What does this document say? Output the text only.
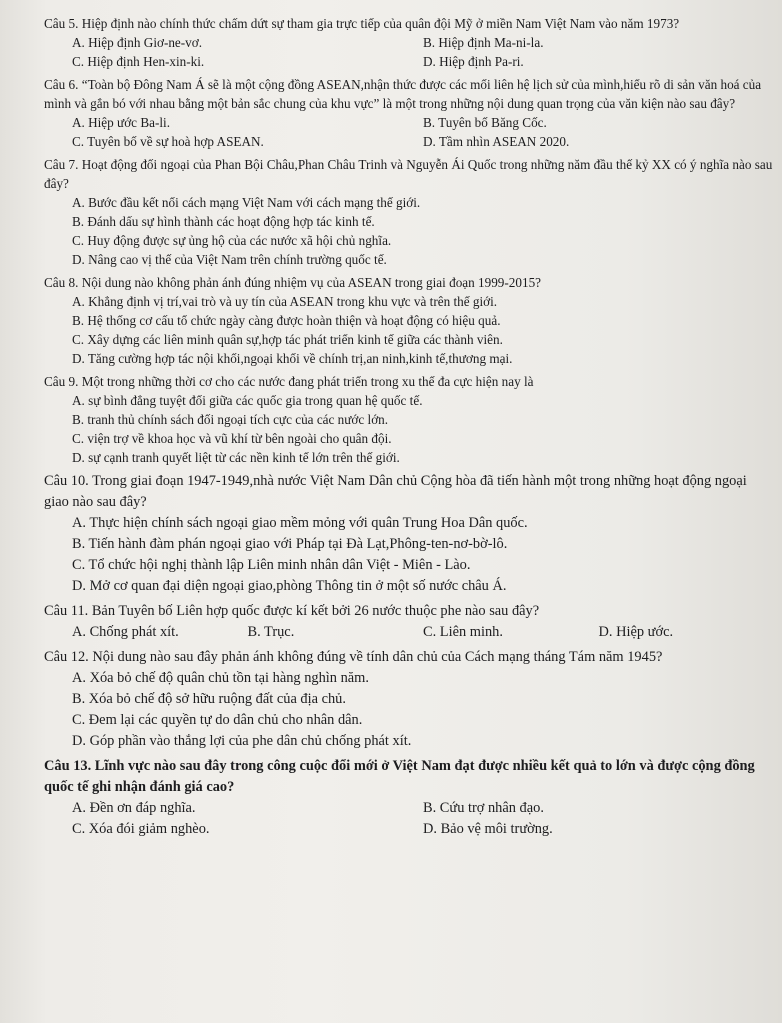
Câu 5. Hiệp định nào chính thức chấm dứt sự tham gia trực tiếp của quân đội Mỹ ở miền Nam Việt Nam vào năm 1973?

A. Hiệp định Giơ-ne-vơ.	B. Hiệp định Ma-ni-la.

C. Hiệp định Hen-xin-ki.	D. Hiệp định Pa-ri.

Câu 6. “Toàn bộ Đông Nam Á sẽ là một cộng đồng ASEAN,nhận thức được các mối liên hệ lịch sử của mình,hiểu rõ di sản văn hoá của mình và gắn bó với nhau bằng một bản sắc chung của khu vực” là một trong những nội dung quan trọng của văn kiện nào sau đây?

A. Hiệp ước Ba-li.	B. Tuyên bố Băng Cốc.

C. Tuyên bố về sự hoà hợp ASEAN.	D. Tầm nhìn ASEAN 2020.

Câu 7. Hoạt động đối ngoại của Phan Bội Châu,Phan Châu Trinh và Nguyễn Ái Quốc trong những năm đầu thế kỷ XX có ý nghĩa nào sau đây?

A. Bước đầu kết nối cách mạng Việt Nam với cách mạng thế giới.

B. Đánh dấu sự hình thành các hoạt động hợp tác kinh tế.

C. Huy động được sự ủng hộ của các nước xã hội chủ nghĩa.

D. Nâng cao vị thế của Việt Nam trên chính trường quốc tế.

Câu 8. Nội dung nào không phản ánh đúng nhiệm vụ của ASEAN trong giai đoạn 1999-2015?

A. Khẳng định vị trí,vai trò và uy tín của ASEAN trong khu vực và trên thế giới.

B. Hệ thống cơ cấu tổ chức ngày càng được hoàn thiện và hoạt động có hiệu quả.

C. Xây dựng các liên minh quân sự,hợp tác phát triển kinh tế giữa các thành viên.

D. Tăng cường hợp tác nội khối,ngoại khối về chính trị,an ninh,kinh tế,thương mại.

Câu 9. Một trong những thời cơ cho các nước đang phát triển trong xu thế đa cực hiện nay là

A. sự bình đẳng tuyệt đối giữa các quốc gia trong quan hệ quốc tế.

B. tranh thủ chính sách đối ngoại tích cực của các nước lớn.

C. viện trợ về khoa học và vũ khí từ bên ngoài cho quân đội.

D. sự cạnh tranh quyết liệt từ các nền kinh tế lớn trên thế giới.

Câu 10. Trong giai đoạn 1947-1949,nhà nước Việt Nam Dân chủ Cộng hòa đã tiến hành một trong những hoạt động ngoại giao nào sau đây?

A. Thực hiện chính sách ngoại giao mềm mỏng với quân Trung Hoa Dân quốc.

B. Tiến hành đàm phán ngoại giao với Pháp tại Đà Lạt,Phông-ten-nơ-bờ-lô.

C. Tổ chức hội nghị thành lập Liên minh nhân dân Việt - Miên - Lào.

D. Mở cơ quan đại diện ngoại giao,phòng Thông tin ở một số nước châu Á.

Câu 11. Bản Tuyên bố Liên hợp quốc được kí kết bởi 26 nước thuộc phe nào sau đây?

A. Chống phát xít.	B. Trục.	C. Liên minh.	D. Hiệp ước.

Câu 12. Nội dung nào sau đây phản ánh không đúng về tính dân chủ của Cách mạng tháng Tám năm 1945?

A. Xóa bỏ chế độ quân chủ tồn tại hàng nghìn năm.

B. Xóa bỏ chế độ sở hữu ruộng đất của địa chủ.

C. Đem lại các quyền tự do dân chủ cho nhân dân.

D. Góp phần vào thắng lợi của phe dân chủ chống phát xít.

Câu 13. Lĩnh vực nào sau đây trong công cuộc đổi mới ở Việt Nam đạt được nhiều kết quả to lớn và được cộng đồng quốc tế ghi nhận đánh giá cao?

A. Đền ơn đáp nghĩa.	B. Cứu trợ nhân đạo.

C. Xóa đói giảm nghèo.	D. Bảo vệ môi trường.
